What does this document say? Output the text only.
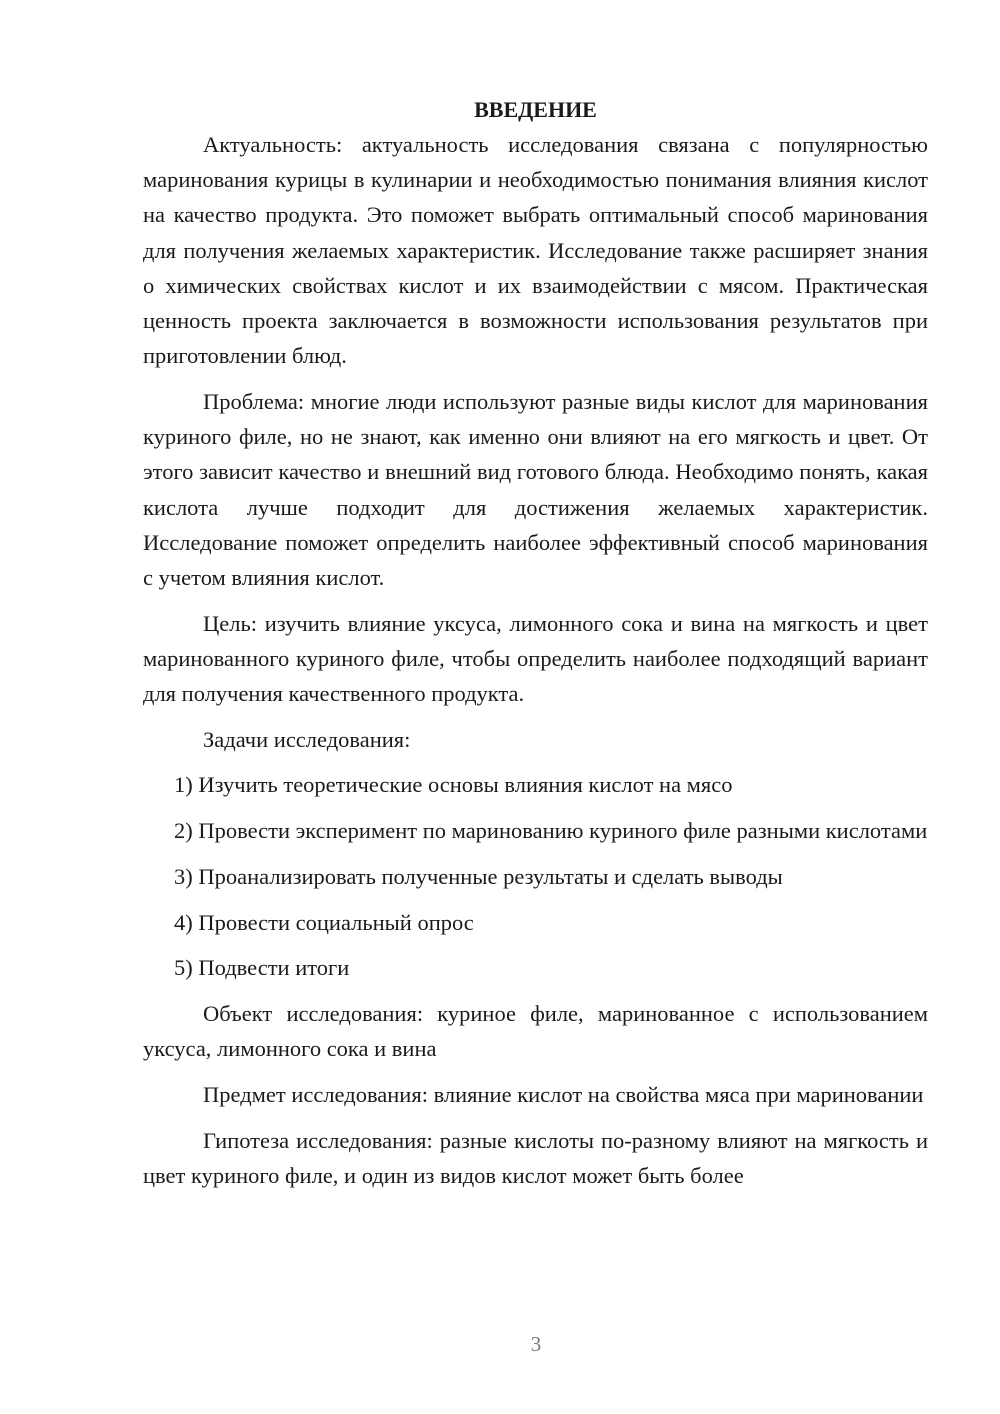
ВВЕДЕНИЕ

Актуальность: актуальность исследования связана с популярностью маринования курицы в кулинарии и необходимостью понимания влияния кислот на качество продукта. Это поможет выбрать оптимальный способ маринования для получения желаемых характеристик. Исследование также расширяет знания о химических свойствах кислот и их взаимодействии с мясом. Практическая ценность проекта заключается в возможности использования результатов при приготовлении блюд.

Проблема: многие люди используют разные виды кислот для маринования куриного филе, но не знают, как именно они влияют на его мягкость и цвет. От этого зависит качество и внешний вид готового блюда. Необходимо понять, какая кислота лучше подходит для достижения желаемых характеристик. Исследование поможет определить наиболее эффективный способ маринования с учетом влияния кислот.

Цель: изучить влияние уксуса, лимонного сока и вина на мягкость и цвет маринованного куриного филе, чтобы определить наиболее подходящий вариант для получения качественного продукта.

Задачи исследования:

1) Изучить теоретические основы влияния кислот на мясо

2) Провести эксперимент по маринованию куриного филе разными кислотами

3) Проанализировать полученные результаты и сделать выводы

4) Провести социальный опрос

5) Подвести итоги

Объект исследования: куриное филе, маринованное с использованием уксуса, лимонного сока и вина

Предмет исследования: влияние кислот на свойства мяса при мариновании

Гипотеза исследования: разные кислоты по-разному влияют на мягкость и цвет куриного филе, и один из видов кислот может быть более

3
